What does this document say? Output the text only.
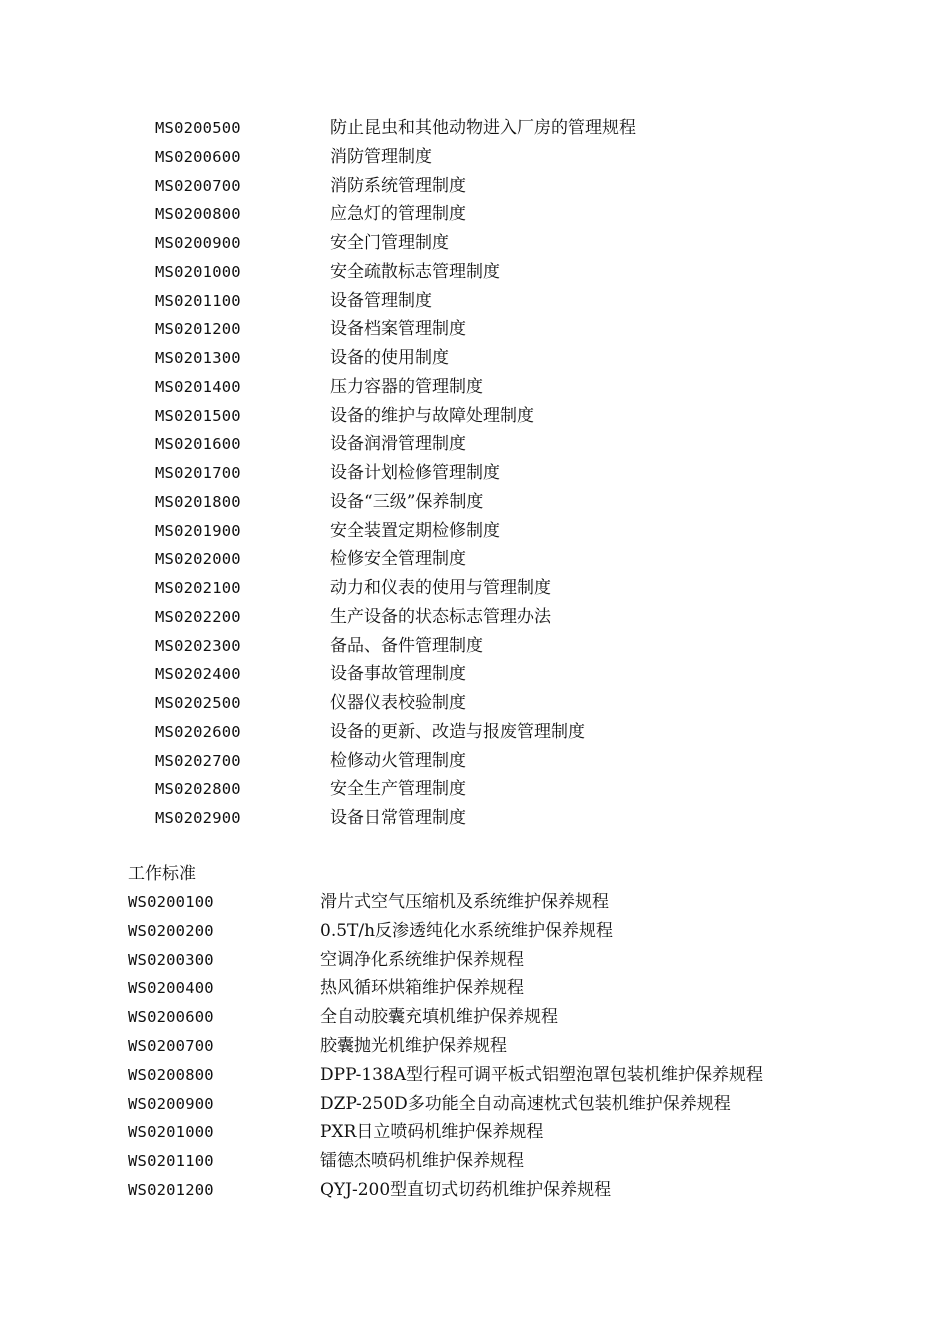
MS0200500	防止昆虫和其他动物进入厂房的管理规程
MS0200600	消防管理制度
MS0200700	消防系统管理制度
MS0200800	应急灯的管理制度
MS0200900	安全门管理制度
MS0201000	安全疏散标志管理制度
MS0201100	设备管理制度
MS0201200	设备档案管理制度
MS0201300	设备的使用制度
MS0201400	压力容器的管理制度
MS0201500	设备的维护与故障处理制度
MS0201600	设备润滑管理制度
MS0201700	设备计划检修管理制度
MS0201800	设备“三级”保养制度
MS0201900	安全装置定期检修制度
MS0202000	检修安全管理制度
MS0202100	动力和仪表的使用与管理制度
MS0202200	生产设备的状态标志管理办法
MS0202300	备品、备件管理制度
MS0202400	设备事故管理制度
MS0202500	仪器仪表校验制度
MS0202600	设备的更新、改造与报废管理制度
MS0202700	检修动火管理制度
MS0202800	安全生产管理制度
MS0202900	设备日常管理制度
工作标准
WS0200100	滑片式空气压缩机及系统维护保养规程
WS0200200	0.5T/h反渗透纯化水系统维护保养规程
WS0200300	空调净化系统维护保养规程
WS0200400	热风循环烘箱维护保养规程
WS0200600	全自动胶囊充填机维护保养规程
WS0200700	胶囊抛光机维护保养规程
WS0200800	DPP-138A型行程可调平板式铝塑泡罩包装机维护保养规程
WS0200900	DZP-250D多功能全自动高速枕式包装机维护保养规程
WS0201000	PXR日立喷码机维护保养规程
WS0201100	镭德杰喷码机维护保养规程
WS0201200	QYJ-200型直切式切药机维护保养规程
